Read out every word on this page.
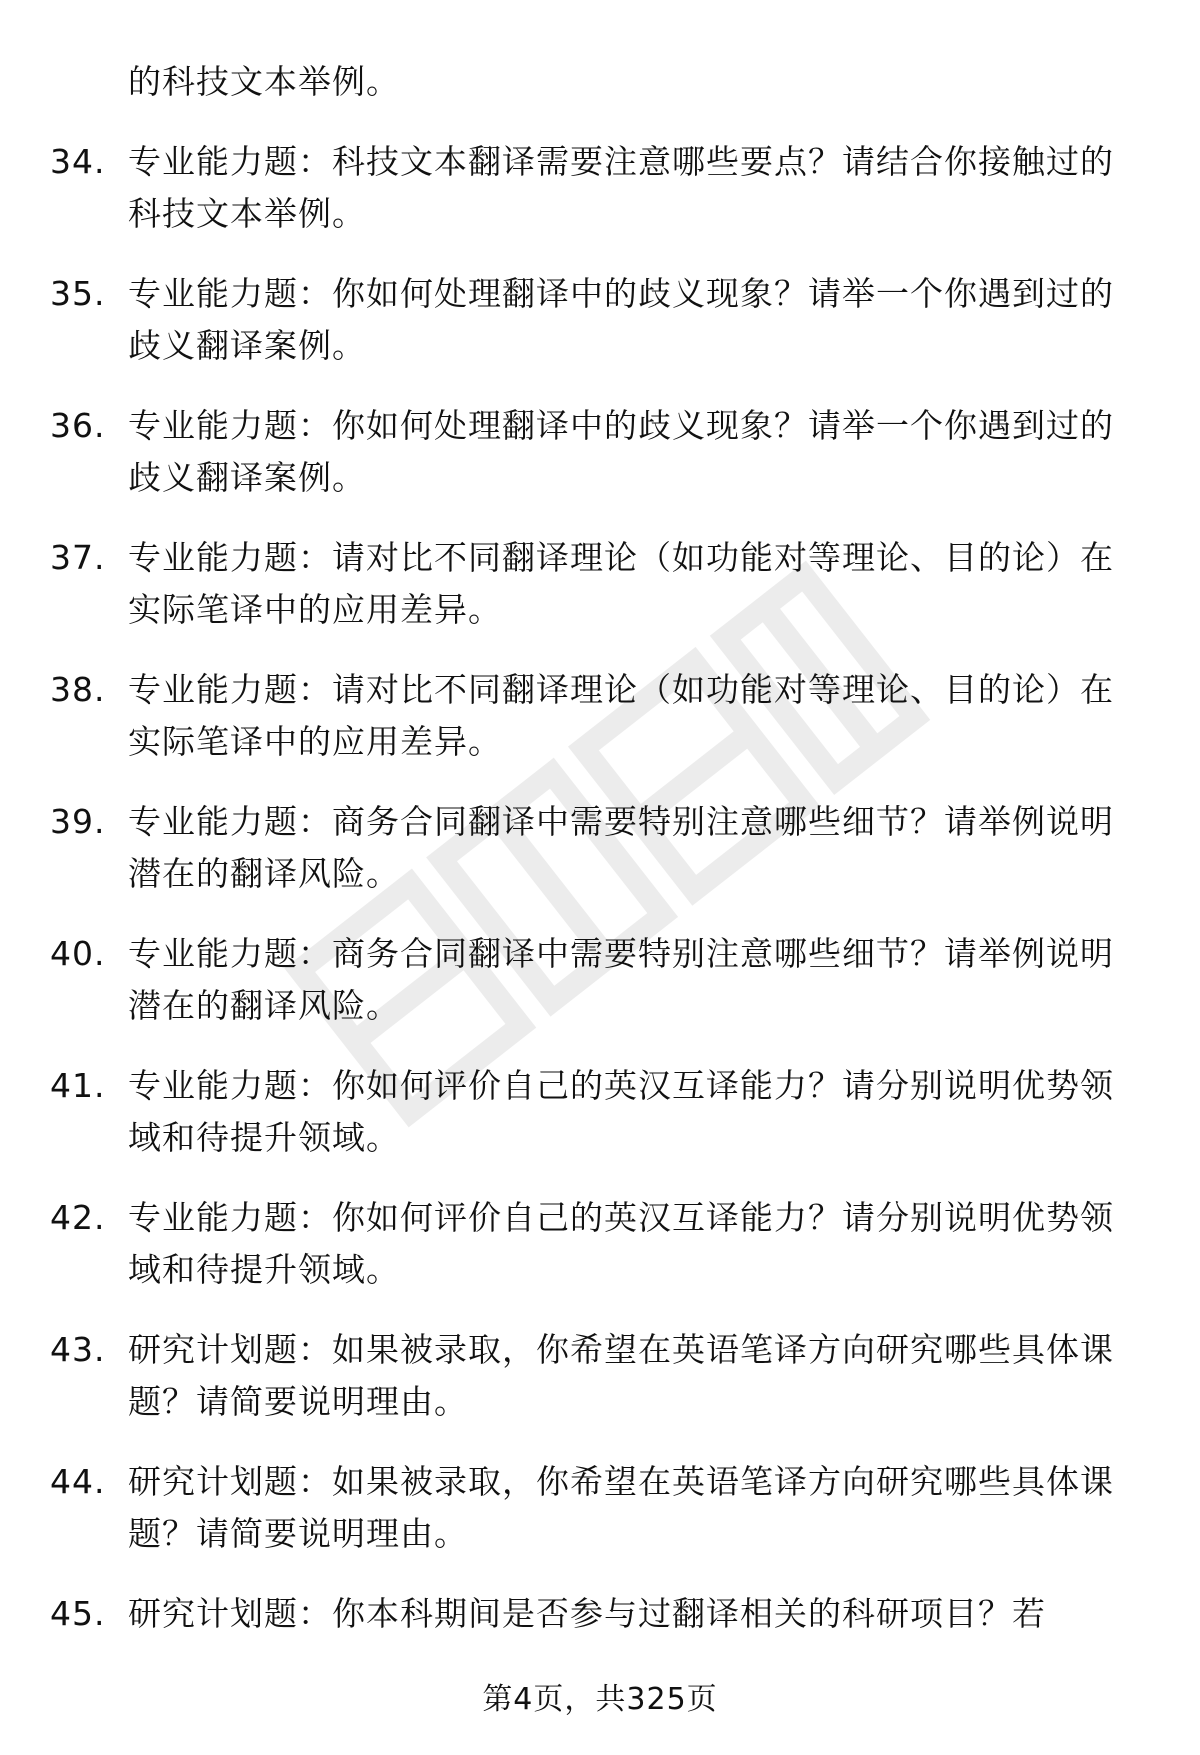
的科技文本举例。
34. 专业能力题：科技文本翻译需要注意哪些要点？请结合你接触过的科技文本举例。
35. 专业能力题：你如何处理翻译中的歧义现象？请举一个你遇到过的歧义翻译案例。
36. 专业能力题：你如何处理翻译中的歧义现象？请举一个你遇到过的歧义翻译案例。
37. 专业能力题：请对比不同翻译理论（如功能对等理论、目的论）在实际笔译中的应用差异。
38. 专业能力题：请对比不同翻译理论（如功能对等理论、目的论）在实际笔译中的应用差异。
39. 专业能力题：商务合同翻译中需要特别注意哪些细节？请举例说明潜在的翻译风险。
40. 专业能力题：商务合同翻译中需要特别注意哪些细节？请举例说明潜在的翻译风险。
41. 专业能力题：你如何评价自己的英汉互译能力？请分别说明优势领域和待提升领域。
42. 专业能力题：你如何评价自己的英汉互译能力？请分别说明优势领域和待提升领域。
43. 研究计划题：如果被录取，你希望在英语笔译方向研究哪些具体课题？请简要说明理由。
44. 研究计划题：如果被录取，你希望在英语笔译方向研究哪些具体课题？请简要说明理由。
45. 研究计划题：你本科期间是否参与过翻译相关的科研项目？若
第4页，共325页
